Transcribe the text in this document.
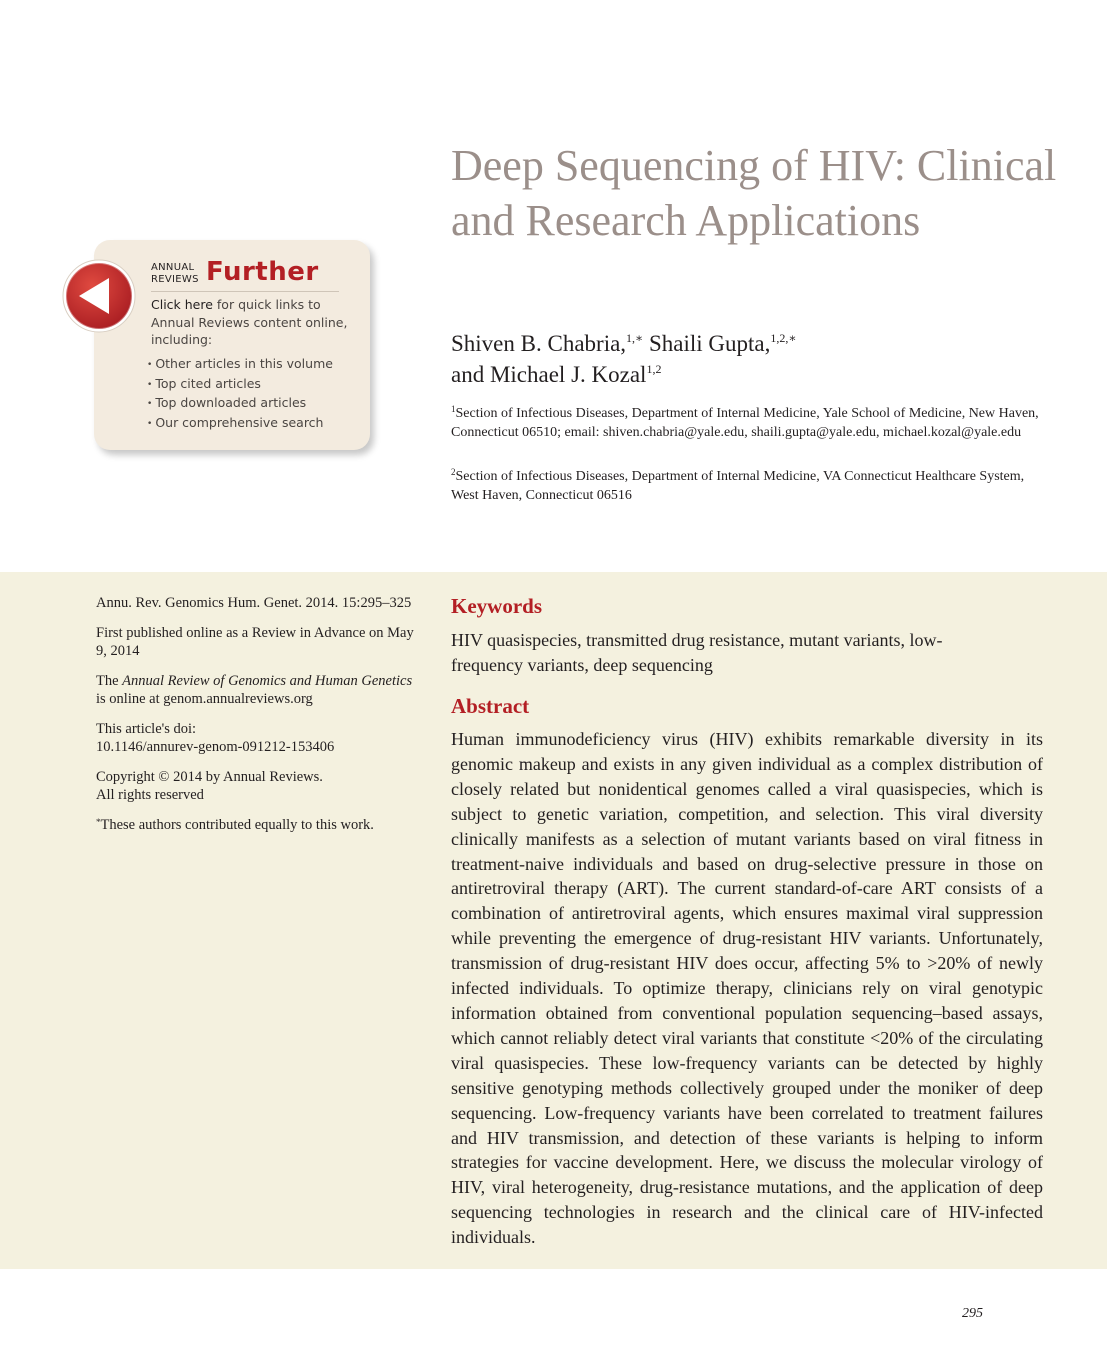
Deep Sequencing of HIV: Clinical and Research Applications

Shiven B. Chabria,$^{1,∗}$ Shaili Gupta,$^{1,2,∗}$
and Michael J. Kozal$^{1,2}$

$^1$Section of Infectious Diseases, Department of Internal Medicine, Yale School of Medicine, New Haven, Connecticut 06510; email: shiven.chabria@yale.edu, shaili.gupta@yale.edu, michael.kozal@yale.edu

$^2$Section of Infectious Diseases, Department of Internal Medicine, VA Connecticut Healthcare System, West Haven, Connecticut 06516

ANNUAL
REVIEWS Further
Click here for quick links to Annual Reviews content online, including:
• Other articles in this volume
• Top cited articles
• Top downloaded articles
• Our comprehensive search

Annu. Rev. Genomics Hum. Genet. 2014. 15:295–325

First published online as a Review in Advance on May 9, 2014

The Annual Review of Genomics and Human Genetics is online at genom.annualreviews.org

This article's doi:
10.1146/annurev-genom-091212-153406

Copyright © 2014 by Annual Reviews.
All rights reserved

*These authors contributed equally to this work.

Keywords

HIV quasispecies, transmitted drug resistance, mutant variants, low-frequency variants, deep sequencing

Abstract

Human immunodeficiency virus (HIV) exhibits remarkable diversity in its genomic makeup and exists in any given individual as a complex distribution of closely related but nonidentical genomes called a viral quasispecies, which is subject to genetic variation, competition, and selection. This viral diversity clinically manifests as a selection of mutant variants based on viral fitness in treatment-naive individuals and based on drug-selective pressure in those on antiretroviral therapy (ART). The current standard-of-care ART consists of a combination of antiretroviral agents, which ensures maximal viral suppression while preventing the emergence of drug-resistant HIV variants. Unfortunately, transmission of drug-resistant HIV does occur, affecting 5% to >20% of newly infected individuals. To optimize therapy, clinicians rely on viral genotypic information obtained from conventional population sequencing–based assays, which cannot reliably detect viral variants that constitute <20% of the circulating viral quasispecies. These low-frequency variants can be detected by highly sensitive genotyping methods collectively grouped under the moniker of deep sequencing. Low-frequency variants have been correlated to treatment failures and HIV transmission, and detection of these variants is helping to inform strategies for vaccine development. Here, we discuss the molecular virology of HIV, viral heterogeneity, drug-resistance mutations, and the application of deep sequencing technologies in research and the clinical care of HIV-infected individuals.

295
